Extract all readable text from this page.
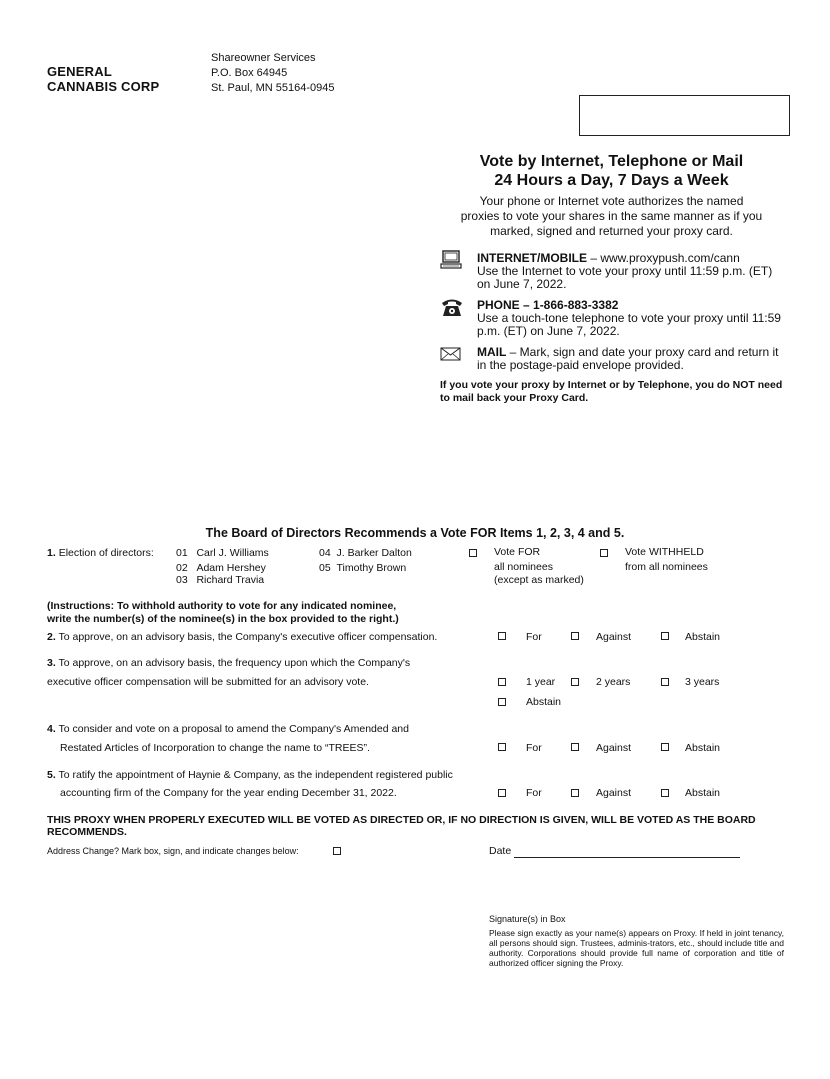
GENERAL
CANNABIS CORP
Shareowner Services
P.O. Box 64945
St. Paul, MN 55164-0945
Vote by Internet, Telephone or Mail
24 Hours a Day, 7 Days a Week
Your phone or Internet vote authorizes the named
proxies to vote your shares in the same manner as if you
marked, signed and returned your proxy card.
INTERNET/MOBILE – www.proxypush.com/cann
Use the Internet to vote your proxy until 11:59 p.m. (ET) on June 7, 2022.
PHONE – 1-866-883-3382
Use a touch-tone telephone to vote your proxy until 11:59 p.m. (ET) on June 7, 2022.
MAIL – Mark, sign and date your proxy card and return it in the postage-paid envelope provided.
If you vote your proxy by Internet or by Telephone, you do NOT need to mail back your Proxy Card.
The Board of Directors Recommends a Vote FOR Items 1, 2, 3, 4 and 5.
1. Election of directors: 01 Carl J. Williams
02 Adam Hershey
03 Richard Travia
04 J. Barker Dalton
05 Timothy Brown
Vote FOR
all nominees
(except as marked)
Vote WITHHELD
from all nominees
(Instructions: To withhold authority to vote for any indicated nominee,
write the number(s) of the nominee(s) in the box provided to the right.)
2. To approve, on an advisory basis, the Company's executive officer compensation.	For	Against	Abstain
3. To approve, on an advisory basis, the frequency upon which the Company's
executive officer compensation will be submitted for an advisory vote.	1 year	2 years	3 years
Abstain
4. To consider and vote on a proposal to amend the Company's Amended and
Restated Articles of Incorporation to change the name to “TREES”.	For	Against	Abstain
5. To ratify the appointment of Haynie & Company, as the independent registered public
accounting firm of the Company for the year ending December 31, 2022.	For	Against	Abstain
THIS PROXY WHEN PROPERLY EXECUTED WILL BE VOTED AS DIRECTED OR, IF NO DIRECTION IS GIVEN, WILL BE VOTED AS THE BOARD RECOMMENDS.
Address Change? Mark box, sign, and indicate changes below:	Date
Signature(s) in Box
Please sign exactly as your name(s) appears on Proxy. If held in joint tenancy, all persons should sign. Trustees, adminis-trators, etc., should include title and authority. Corporations should provide full name of corporation and title of authorized officer signing the Proxy.
